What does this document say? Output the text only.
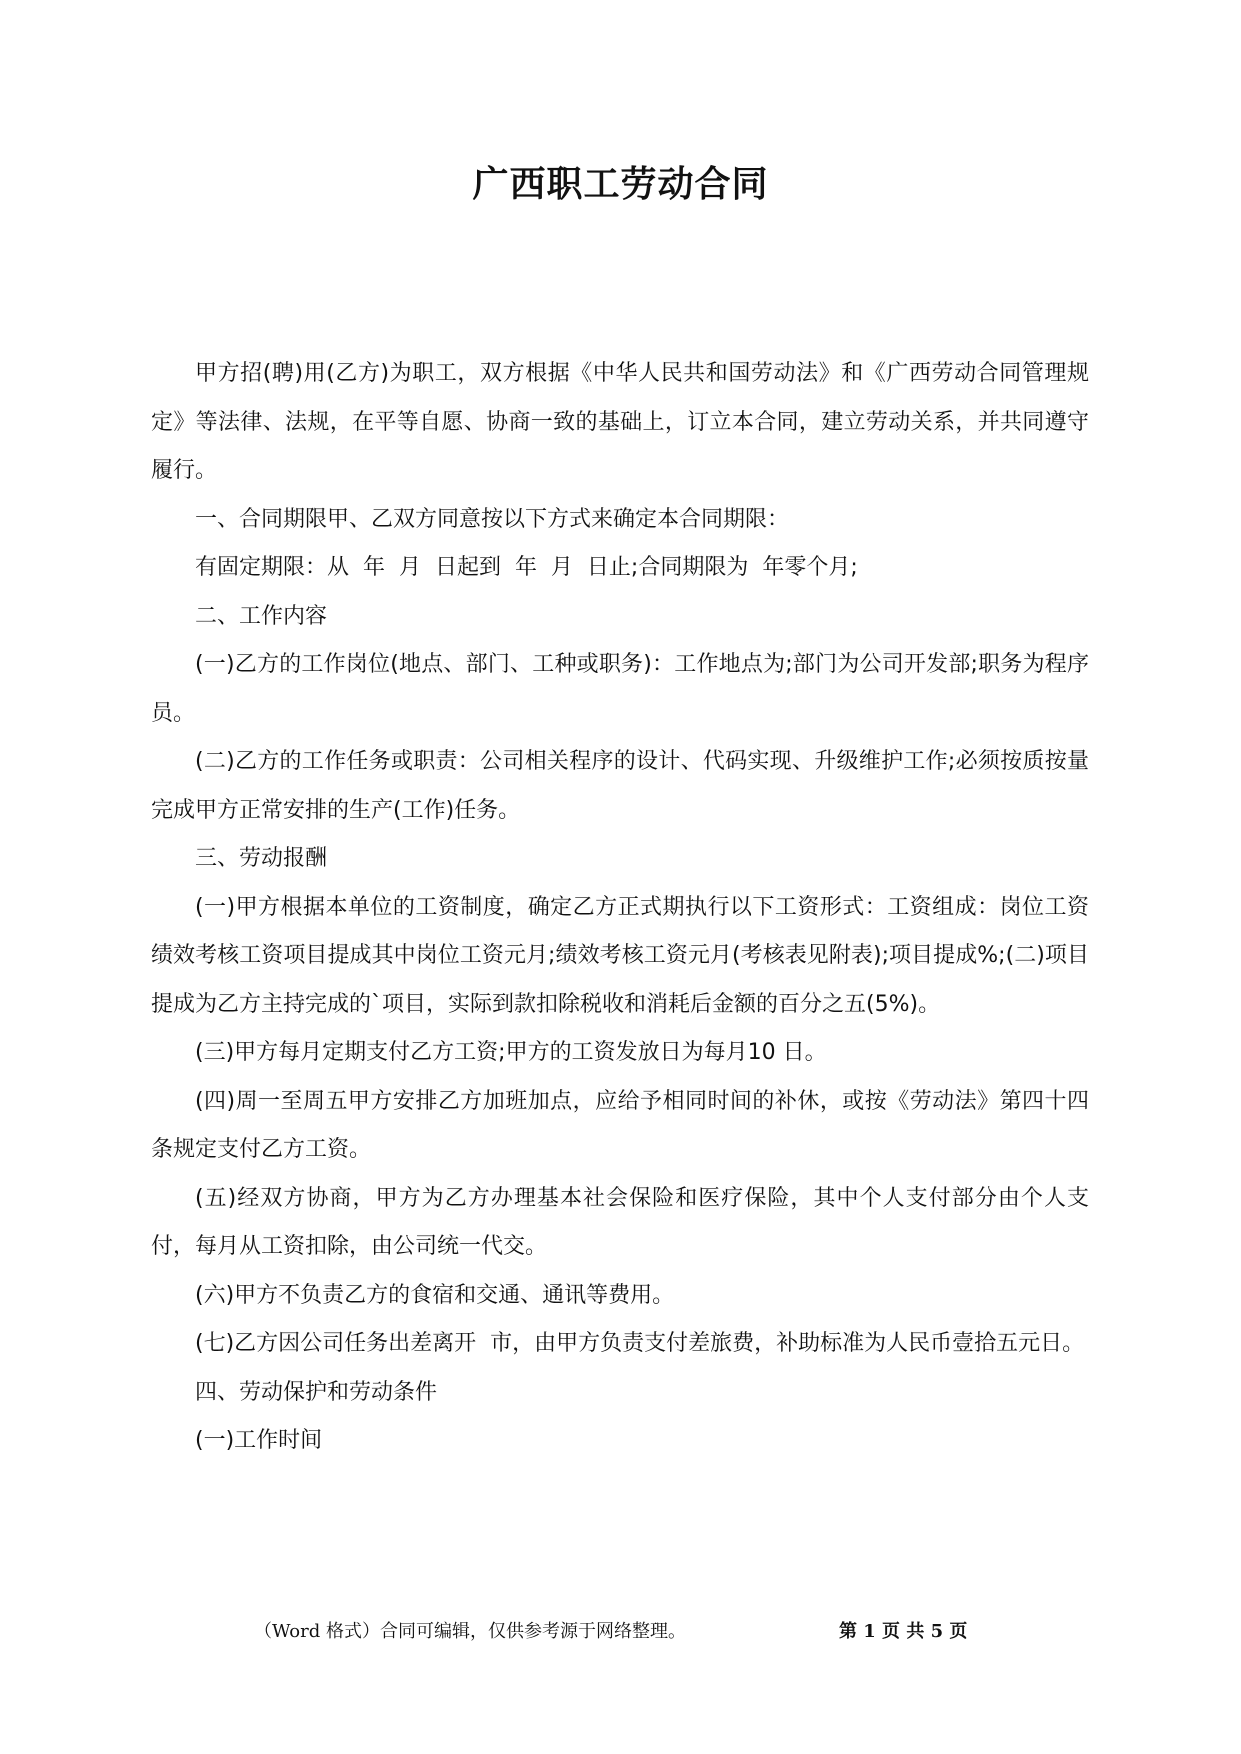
广西职工劳动合同

甲方招(聘)用(乙方)为职工，双方根据《中华人民共和国劳动法》和《广西劳动合同管理规定》等法律、法规，在平等自愿、协商一致的基础上，订立本合同，建立劳动关系，并共同遵守履行。

一、合同期限甲、乙双方同意按以下方式来确定本合同期限：

有固定期限：从  年  月  日起到  年  月  日止;合同期限为  年零个月;

二、工作内容

(一)乙方的工作岗位(地点、部门、工种或职务)：工作地点为;部门为公司开发部;职务为程序员。

(二)乙方的工作任务或职责：公司相关程序的设计、代码实现、升级维护工作;必须按质按量完成甲方正常安排的生产(工作)任务。

三、劳动报酬

(一)甲方根据本单位的工资制度，确定乙方正式期执行以下工资形式：工资组成：岗位工资绩效考核工资项目提成其中岗位工资元月;绩效考核工资元月(考核表见附表);项目提成%;(二)项目提成为乙方主持完成的`项目，实际到款扣除税收和消耗后金额的百分之五(5%)。

(三)甲方每月定期支付乙方工资;甲方的工资发放日为每月10 日。

(四)周一至周五甲方安排乙方加班加点，应给予相同时间的补休，或按《劳动法》第四十四条规定支付乙方工资。

(五)经双方协商，甲方为乙方办理基本社会保险和医疗保险，其中个人支付部分由个人支付，每月从工资扣除，由公司统一代交。

(六)甲方不负责乙方的食宿和交通、通讯等费用。

(七)乙方因公司任务出差离开  市，由甲方负责支付差旅费，补助标准为人民币壹拾五元日。

四、劳动保护和劳动条件

(一)工作时间

（Word 格式）合同可编辑，仅供参考源于网络整理。	第 1 页 共 5 页
